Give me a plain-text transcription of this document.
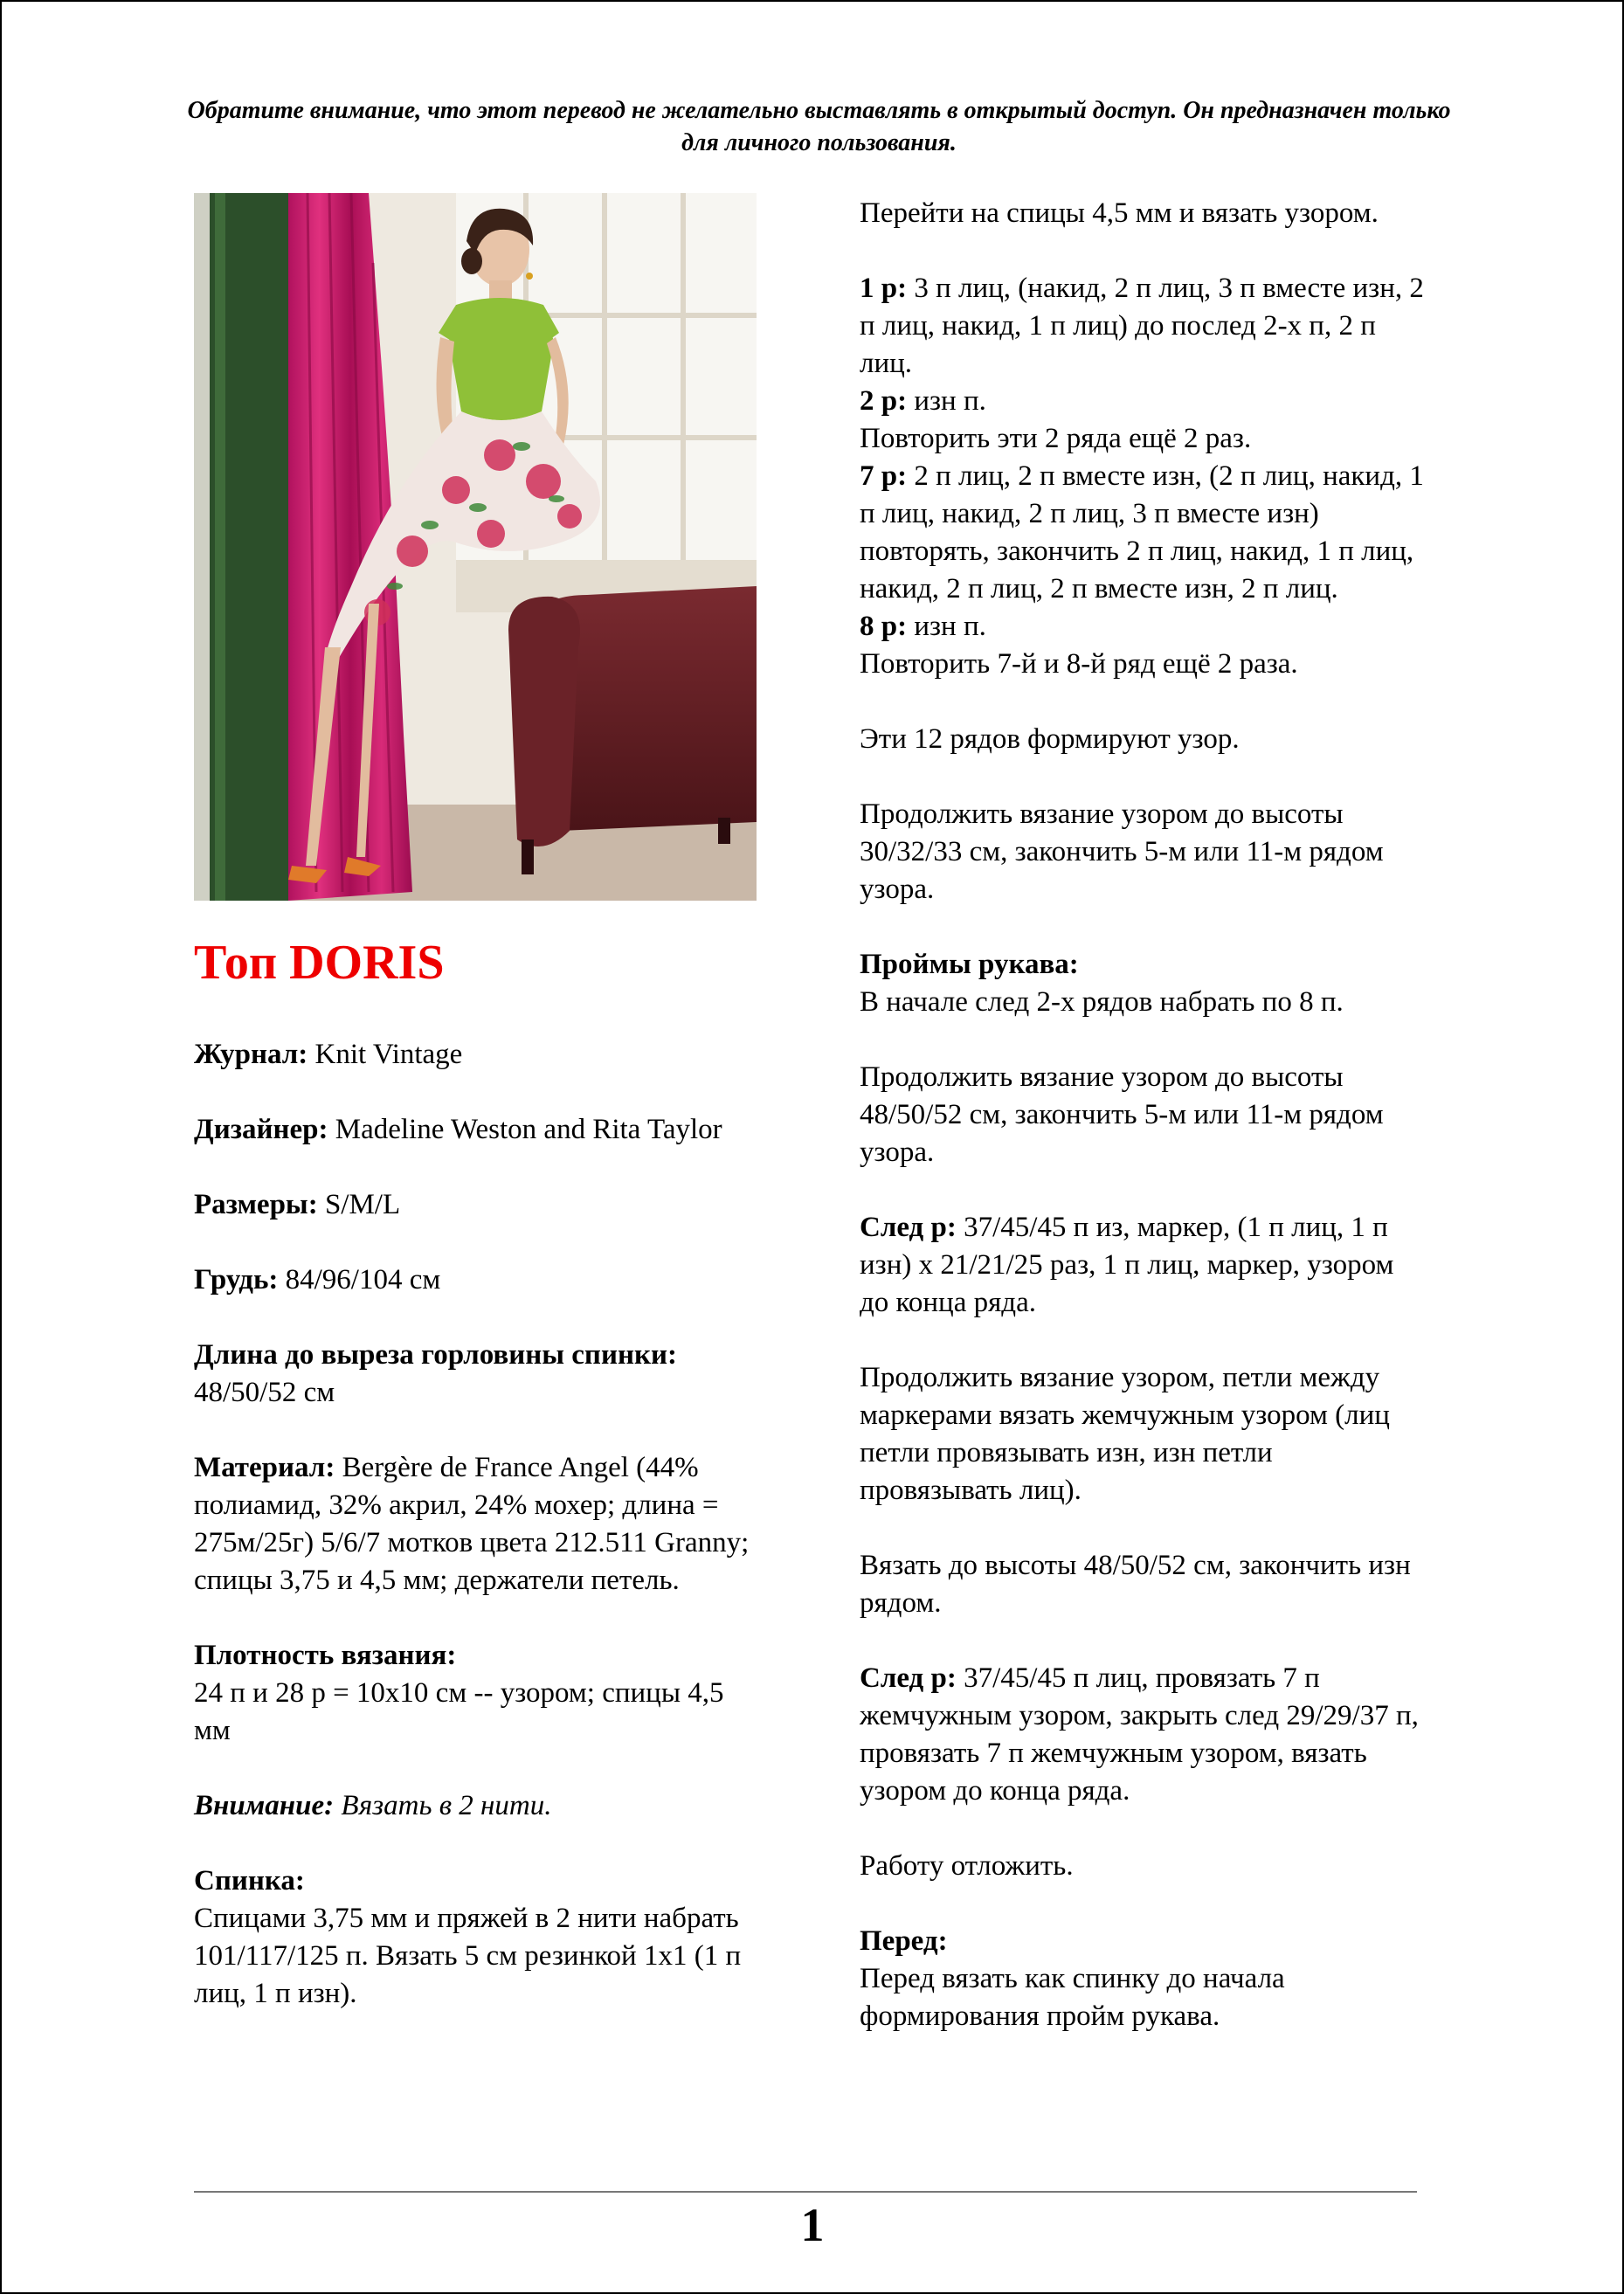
Обратите внимание, что этот перевод не желательно выставлять в открытый доступ. Он предназначен только для личного пользования.

Топ DORIS

Журнал: Knit Vintage

Дизайнер: Madeline Weston and Rita Taylor

Размеры: S/M/L

Грудь: 84/96/104 см

Длина до выреза горловины спинки:

48/50/52 см

Материал: Bergère de France Angel (44% полиамид, 32% акрил, 24% мохер; длина = 275м/25г) 5/6/7 мотков цвета 212.511 Granny; спицы 3,75 и 4,5 мм; держатели петель.

Плотность вязания:

24 п и 28 р = 10х10 см -- узором; спицы 4,5 мм

Внимание: Вязать в 2 нити.

Спинка:

Спицами 3,75 мм и пряжей в 2 нити набрать 101/117/125 п. Вязать 5 см резинкой 1х1 (1 п лиц, 1 п изн).

Перейти на спицы 4,5 мм и вязать узором.

1 р: 3 п лиц, (накид, 2 п лиц, 3 п вместе изн, 2 п лиц, накид, 1 п лиц) до послед 2-х п, 2 п лиц.

2 р: изн п.

Повторить эти 2 ряда ещё 2 раз.

7 р: 2 п лиц, 2 п вместе изн, (2 п лиц, накид, 1 п лиц, накид, 2 п лиц, 3 п вместе изн) повторять, закончить 2 п лиц, накид, 1 п лиц, накид, 2 п лиц, 2 п вместе изн, 2 п лиц.

8 р: изн п.

Повторить 7-й и 8-й ряд ещё 2 раза.

Эти 12 рядов формируют узор.

Продолжить вязание узором до высоты 30/32/33 см, закончить 5-м или 11-м рядом узора.

Проймы рукава:

В начале след 2-х рядов набрать по 8 п.

Продолжить вязание узором до высоты 48/50/52 см, закончить 5-м или 11-м рядом узора.

След р: 37/45/45 п из, маркер, (1 п лиц, 1 п изн) х 21/21/25 раз, 1 п лиц, маркер, узором до конца ряда.

Продолжить вязание узором, петли между маркерами вязать жемчужным узором (лиц петли провязывать изн, изн петли провязывать лиц).

Вязать до высоты 48/50/52 см, закончить изн рядом.

След р: 37/45/45 п лиц, провязать 7 п жемчужным узором, закрыть след 29/29/37 п, провязать 7 п жемчужным узором, вязать узором до конца ряда.

Работу отложить.

Перед:

Перед вязать как спинку до начала формирования пройм рукава.

1
